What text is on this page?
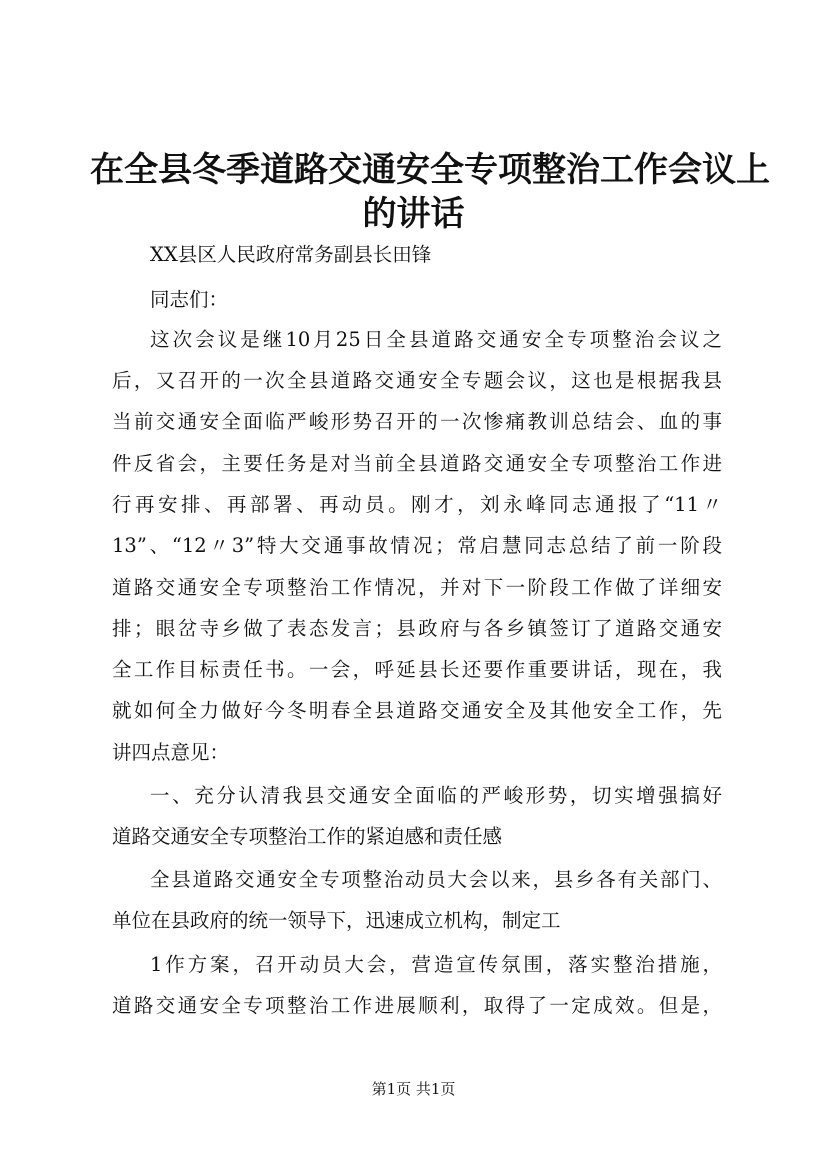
在全县冬季道路交通安全专项整治工作会议上
的讲话

XX县区人民政府常务副县长田锋

同志们：

这次会议是继10月25日全县道路交通安全专项整治会议之

后，又召开的一次全县道路交通安全专题会议，这也是根据我县

当前交通安全面临严峻形势召开的一次惨痛教训总结会、血的事

件反省会，主要任务是对当前全县道路交通安全专项整治工作进

行再安排、再部署、再动员。刚才，刘永峰同志通报了“11〃

13”、“12〃3”特大交通事故情况；常启慧同志总结了前一阶段

道路交通安全专项整治工作情况，并对下一阶段工作做了详细安

排；眼岔寺乡做了表态发言；县政府与各乡镇签订了道路交通安

全工作目标责任书。一会，呼延县长还要作重要讲话，现在，我

就如何全力做好今冬明春全县道路交通安全及其他安全工作，先

讲四点意见：

一、充分认清我县交通安全面临的严峻形势，切实增强搞好

道路交通安全专项整治工作的紧迫感和责任感

全县道路交通安全专项整治动员大会以来，县乡各有关部门、

单位在县政府的统一领导下，迅速成立机构，制定工

1作方案，召开动员大会，营造宣传氛围，落实整治措施，

道路交通安全专项整治工作进展顺利，取得了一定成效。但是，

第1页 共1页
